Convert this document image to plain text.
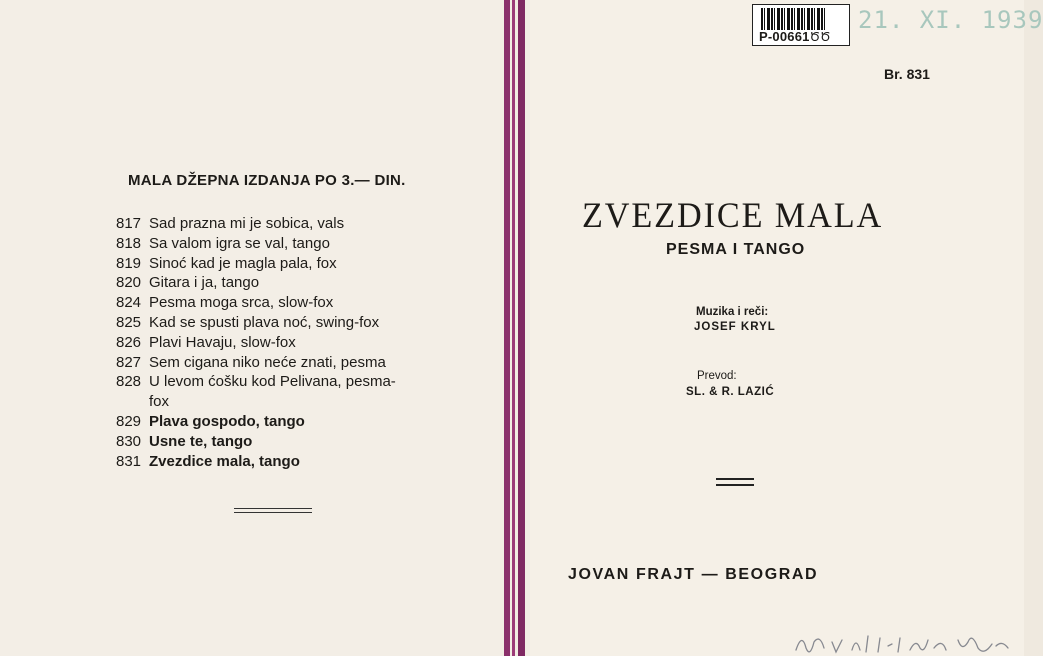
MALA DŽEPNA IZDANJA PO 3.— DIN.
817 Sad prazna mi je sobica, vals
818 Sa valom igra se val, tango
819 Sinoć kad je magla pala, fox
820 Gitara i ja, tango
824 Pesma moga srca, slow-fox
825 Kad se spusti plava noć, swing-fox
826 Plavi Havaju, slow-fox
827 Sem cigana niko neće znati, pesma
828 U levom ćošku kod Pelivana, pesma-
fox
829 Plava gospodo, tango
830 Usne te, tango
831 Zvezdice mala, tango
P-00661ԾԾ
21. XI. 1939
Br. 831
ZVEZDICE MALA
PESMA I TANGO
Muzika i reči:
JOSEF KRYL
Prevod:
SL. & R. LAZIĆ
JOVAN FRAJT — BEOGRAD
